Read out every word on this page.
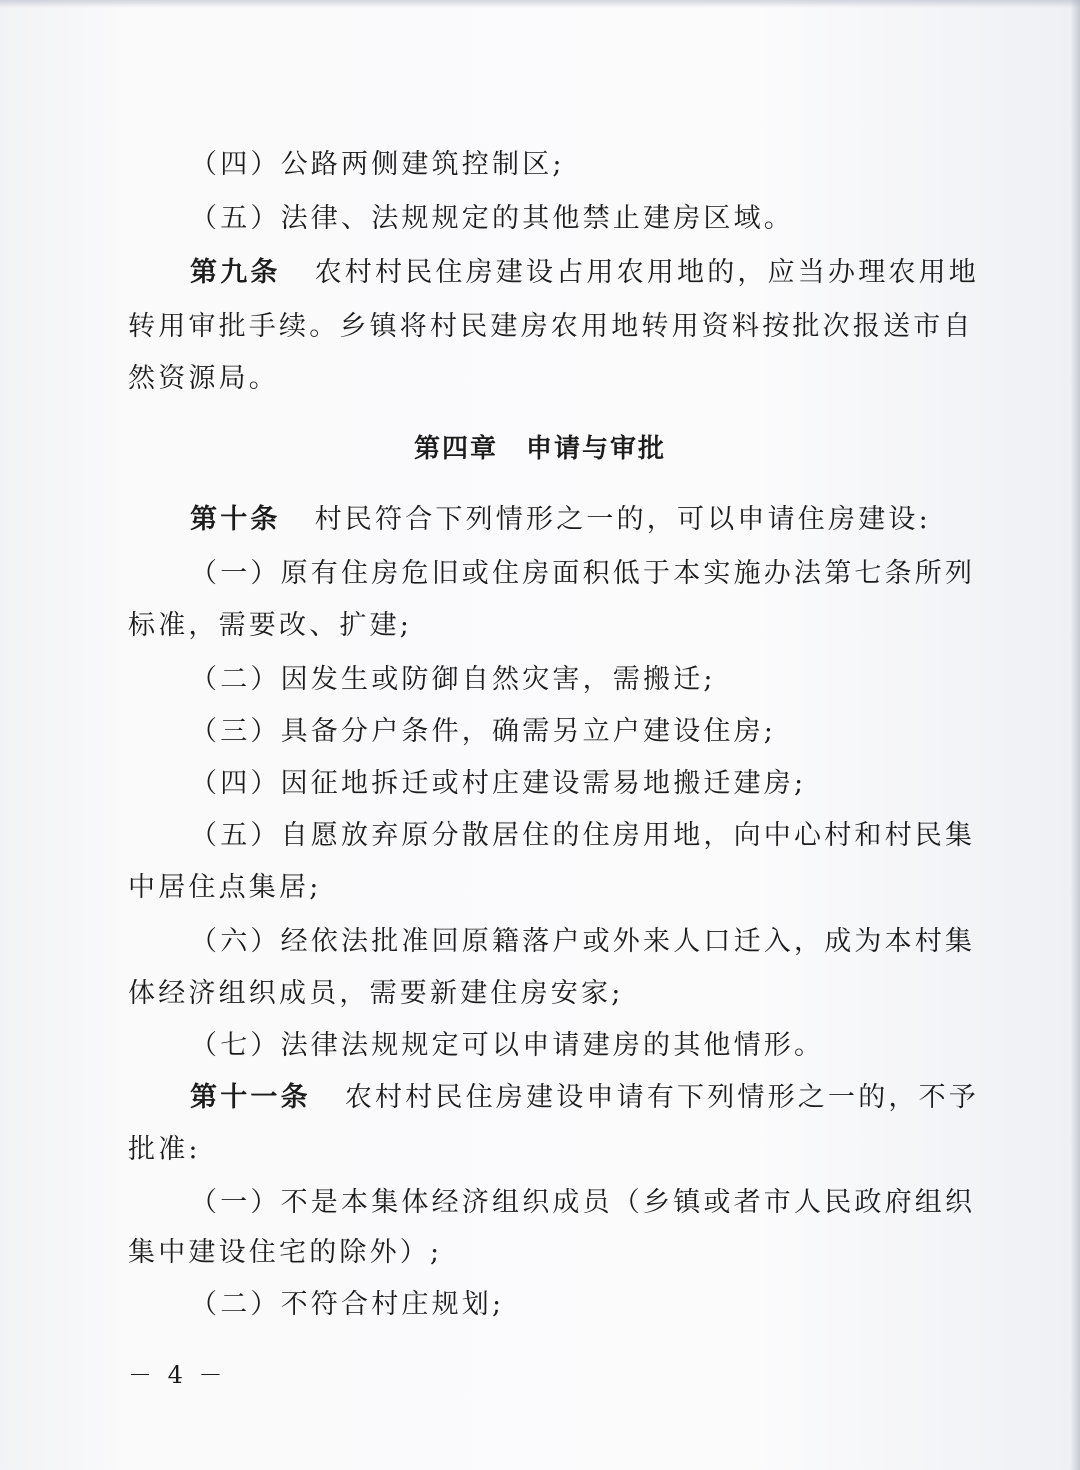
（四）公路两侧建筑控制区;
（五）法律、法规规定的其他禁止建房区域。
第九条 农村村民住房建设占用农用地的，应当办理农用地
转用审批手续。乡镇将村民建房农用地转用资料按批次报送市自
然资源局。
第四章　申请与审批
第十条 村民符合下列情形之一的，可以申请住房建设:
（一）原有住房危旧或住房面积低于本实施办法第七条所列
标准，需要改、扩建;
（二）因发生或防御自然灾害，需搬迁;
（三）具备分户条件，确需另立户建设住房;
（四）因征地拆迁或村庄建设需易地搬迁建房;
（五）自愿放弃原分散居住的住房用地，向中心村和村民集
中居住点集居;
（六）经依法批准回原籍落户或外来人口迁入，成为本村集
体经济组织成员，需要新建住房安家;
（七）法律法规规定可以申请建房的其他情形。
第十一条 农村村民住房建设申请有下列情形之一的，不予
批准:
（一）不是本集体经济组织成员（乡镇或者市人民政府组织
集中建设住宅的除外）;
（二）不符合村庄规划;
－ 4 －
